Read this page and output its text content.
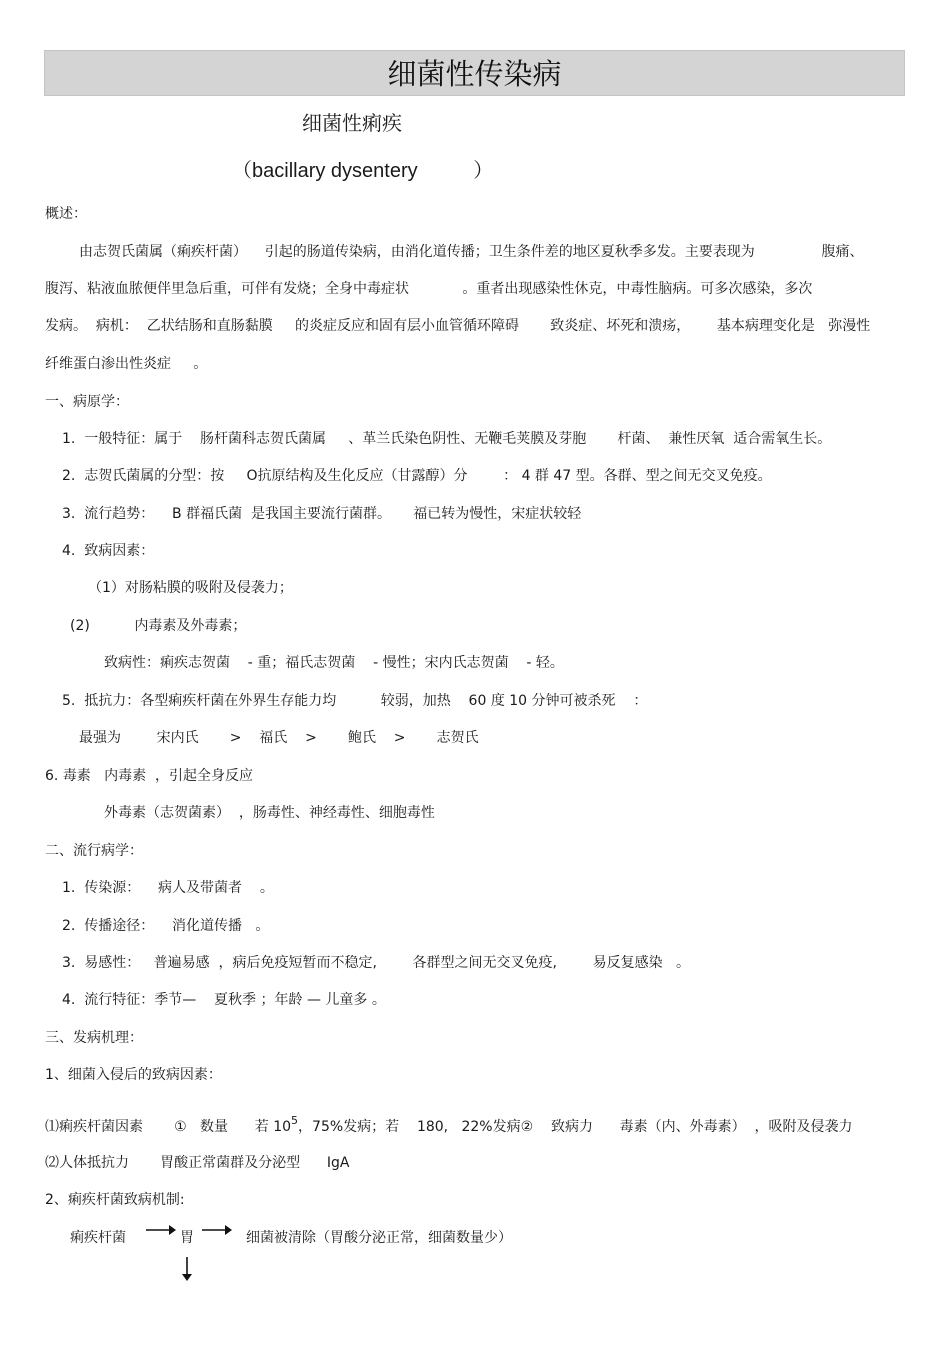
细菌性传染病
细菌性痢疾
（bacillary dysentery          ）
概述：
由志贺氏菌属（痢疾杆菌）    引起的肠道传染病，由消化道传播；卫生条件差的地区夏秋季多发。主要表现为               腹痛、
腹泻、粘液血脓便伴里急后重，可伴有发烧；全身中毒症状            。重者出现感染性休克，中毒性脑病。可多次感染，多次
发病。  病机：  乙状结肠和直肠黏膜     的炎症反应和固有层小血管循环障碍       致炎症、坏死和溃疡，      基本病理变化是   弥漫性
纤维蛋白渗出性炎症     。
一、病原学：
1.  一般特征：属于    肠杆菌科志贺氏菌属     、革兰氏染色阴性、无鞭毛荚膜及芽胞       杆菌、  兼性厌氧  适合需氧生长。
2.  志贺氏菌属的分型：按     O抗原结构及生化反应（甘露醇）分        ： 4 群 47 型。各群、型之间无交叉免疫。
3.  流行趋势：    B 群福氏菌  是我国主要流行菌群。     福已转为慢性，宋症状较轻
4.  致病因素：
（1）对肠粘膜的吸附及侵袭力；
(2)          内毒素及外毒素；
致病性：痢疾志贺菌    - 重；福氏志贺菌    - 慢性；宋内氏志贺菌    - 轻。
5.  抵抗力：各型痢疾杆菌在外界生存能力均          较弱，加热    60 度 10 分钟可被杀死    ：
最强为        宋内氏       >    福氏    >       鲍氏    >       志贺氏
6. 毒素   内毒素  ，引起全身反应
外毒素（志贺菌素）  ，肠毒性、神经毒性、细胞毒性
二、流行病学：
1.  传染源：    病人及带菌者    。
2.  传播途径：    消化道传播   。
3.  易感性：   普遍易感  ，病后免疫短暂而不稳定,        各群型之间无交叉免疫,        易反复感染   。
4.  流行特征：季节—    夏秋季 ；年龄 — 儿童多 。
三、发病机理：
1、细菌入侵后的致病因素：
⑴痢疾杆菌因素       ①   数量      若 $10^5$，75%发病；若    180,   22%发病②    致病力      毒素（内、外毒素）  ，吸附及侵袭力
⑵人体抵抗力       胃酸正常菌群及分泌型      IgA
2、痢疾杆菌致病机制:
痢疾杆菌	胃	细菌被清除（胃酸分泌正常，细菌数量少）
